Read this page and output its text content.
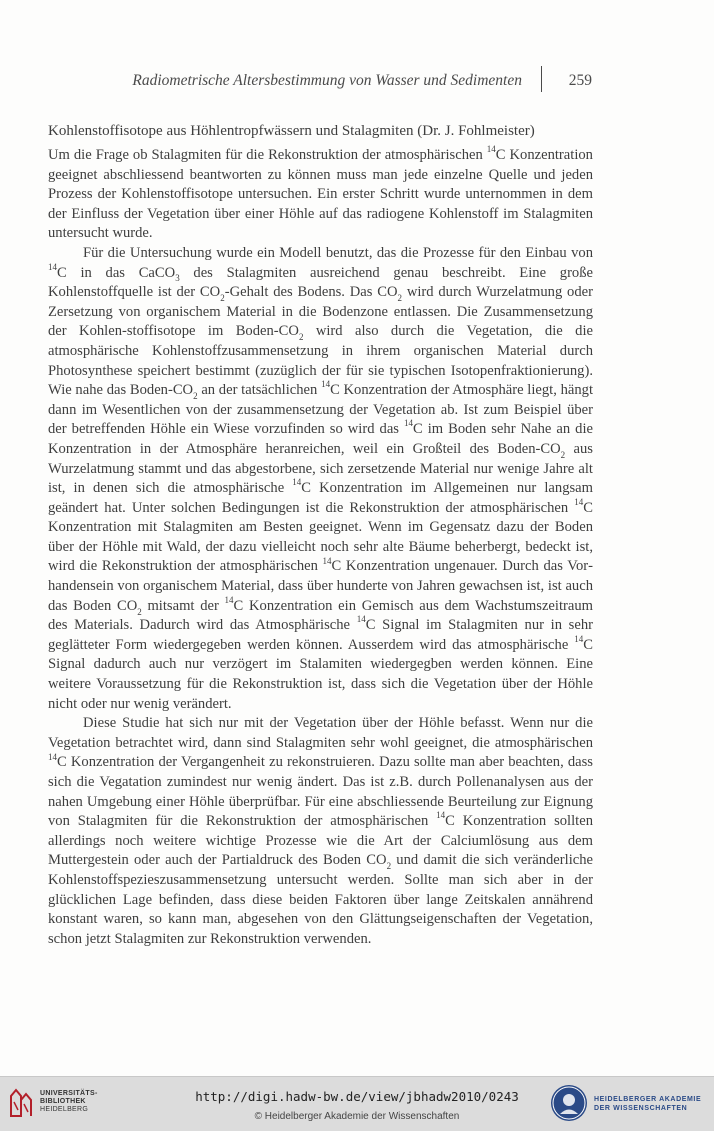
Radiometrische Altersbestimmung von Wasser und Sedimenten	259

Kohlenstoffisotope aus Höhlentropfwässern und Stalagmiten (Dr. J. Fohlmeister)

Um die Frage ob Stalagmiten für die Rekonstruktion der atmosphärischen $^{14}$C Konzentration geeignet abschliessend beantworten zu können muss man jede einzelne Quelle und jeden Prozess der Kohlenstoffisotope untersuchen. Ein erster Schritt wurde unternommen in dem der Einfluss der Vegetation über einer Höhle auf das radiogene Kohlenstoff im Stalagmiten untersucht wurde.

Für die Untersuchung wurde ein Modell benutzt, das die Prozesse für den Einbau von $^{14}$C in das CaCO$_3$ des Stalagmiten ausreichend genau beschreibt. Eine große Kohlenstoffquelle ist der $CO_2$-Gehalt des Bodens. Das $CO_2$ wird durch Wurzelatmung oder Zersetzung von organischem Material in die Bodenzone entlassen. Die Zusammensetzung der Kohlen-stoffisotope im Boden-$CO_2$ wird also durch die Vegetation, die die atmosphärische Kohlenstoffzusammensetzung in ihrem organischen Material durch Photosynthese speichert bestimmt (zuzüglich der für sie typischen Isotopenfraktionierung). Wie nahe das Boden-$CO_2$ an der tatsächlichen $^{14}$C Konzentration der Atmosphäre liegt, hängt dann im Wesentlichen von der zusammensetzung der Vegetation ab. Ist zum Beispiel über der betreffenden Höhle ein Wiese vorzufinden so wird das $^{14}$C im Boden sehr Nahe an die Konzentration in der Atmosphäre heranreichen, weil ein Großteil des Boden-$CO_2$ aus Wurzelatmung stammt und das abgestorbene, sich zersetzende Material nur wenige Jahre alt ist, in denen sich die atmosphärische $^{14}$C Konzentration im Allgemeinen nur langsam geändert hat. Unter solchen Bedingungen ist die Rekonstruktion der atmosphärischen $^{14}$C Konzentration mit Stalagmiten am Besten geeignet. Wenn im Gegensatz dazu der Boden über der Höhle mit Wald, der dazu vielleicht noch sehr alte Bäume beherbergt, bedeckt ist, wird die Rekonstruktion der atmosphärischen $^{14}$C Konzentration ungenauer. Durch das Vorhandensein von organischem Material, dass über hunderte von Jahren gewachsen ist, ist auch das Boden $CO_2$ mitsamt der $^{14}$C Konzentration ein Gemisch aus dem Wachstumszeitraum des Materials. Dadurch wird das Atmosphärische $^{14}$C Signal im Stalagmiten nur in sehr geglätteter Form wiedergegeben werden können. Ausserdem wird das atmosphärische $^{14}$C Signal dadurch auch nur verzögert im Stalamiten wiedergegben werden können. Eine weitere Voraussetzung für die Rekonstruktion ist, dass sich die Vegetation über der Höhle nicht oder nur wenig verändert.

Diese Studie hat sich nur mit der Vegetation über der Höhle befasst. Wenn nur die Vegetation betrachtet wird, dann sind Stalagmiten sehr wohl geeignet, die atmosphärischen $^{14}$C Konzentration der Vergangenheit zu rekonstruieren. Dazu sollte man aber beachten, dass sich die Vegatation zumindest nur wenig ändert. Das ist z.B. durch Pollenanalysen aus der nahen Umgebung einer Höhle überprüfbar. Für eine abschliessende Beurteilung zur Eignung von Stalagmiten für die Rekonstruktion der atmosphärischen $^{14}$C Konzentration sollten allerdings noch weitere wichtige Prozesse wie die Art der Calciumlösung aus dem Muttergestein oder auch der Partialdruck des Boden $CO_2$ und damit die sich veränderliche Kohlenstoffspezieszusammensetzung untersucht werden. Sollte man sich aber in der glücklichen Lage befinden, dass diese beiden Faktoren über lange Zeitskalen annährend konstant waren, so kann man, abgesehen von den Glättungseigenschaften der Vegetation, schon jetzt Stalagmiten zur Rekonstruktion verwenden.

UNIVERSITÄTS-
BIBLIOTHEK
HEIDELBERG
http://digi.hadw-bw.de/view/jbhadw2010/0243
© Heidelberger Akademie der Wissenschaften
HEIDELBERGER AKADEMIE
DER WISSENSCHAFTEN
